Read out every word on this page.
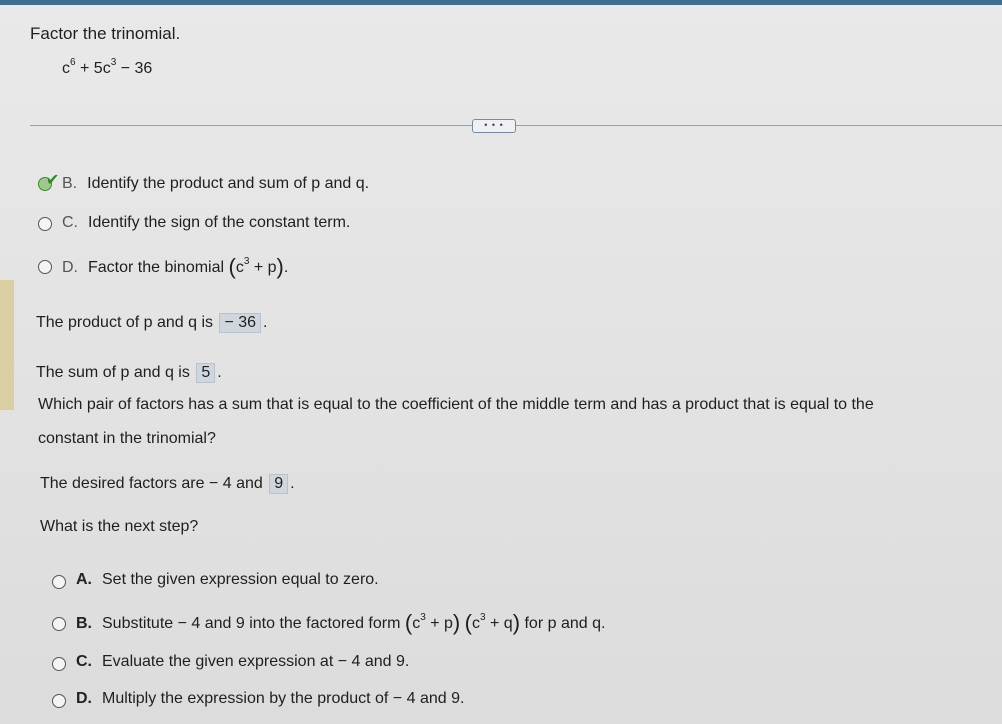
Factor the trinomial.
$c^6 + 5c^3 - 36$
• • •
✔ B. Identify the product and sum of p and q.
C. Identify the sign of the constant term.
D. Factor the binomial $(c^3 + p)$.
The product of p and q is − 36 .
The sum of p and q is 5 .
Which pair of factors has a sum that is equal to the coefficient of the middle term and has a product that is equal to the
constant in the trinomial?
The desired factors are − 4 and 9 .
What is the next step?
A. Set the given expression equal to zero.
B. Substitute − 4 and 9 into the factored form $(c^3 + p) (c^3 + q)$ for p and q.
C. Evaluate the given expression at − 4 and 9.
D. Multiply the expression by the product of − 4 and 9.
